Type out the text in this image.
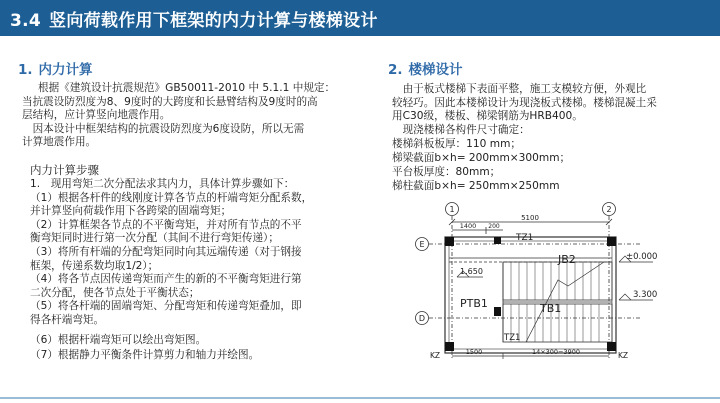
3.4 竖向荷载作用下框架的内力计算与楼梯设计
1. 内力计算
根据《建筑设计抗震规范》GB50011-2010 中 5.1.1 中规定：
当抗震设防烈度为8、9度时的大跨度和长悬臂结构及9度时的高
层结构，应计算竖向地震作用。
　因本设计中框架结构的抗震设防烈度为6度设防，所以无需
计算地震作用。
内力计算步骤
1.　现用弯矩二次分配法求其内力，具体计算步骤如下：
（1）根据各杆件的线刚度计算各节点的杆端弯矩分配系数，
并计算竖向荷载作用下各跨梁的固端弯矩；
（2）计算框架各节点的不平衡弯矩，并对所有节点的不平
衡弯矩同时进行第一次分配（其间不进行弯矩传递）；
（3）将所有杆端的分配弯矩同时向其远端传递（对于钢接
框架，传递系数均取1/2）；
（4）将各节点因传递弯矩而产生的新的不平衡弯矩进行第
二次分配，使各节点处于平衡状态；
（5）将各杆端的固端弯矩、分配弯矩和传递弯矩叠加，即
得各杆端弯矩。
（6）根据杆端弯矩可以绘出弯矩图。
（7）根据静力平衡条件计算剪力和轴力并绘图。
2. 楼梯设计
　由于板式楼梯下表面平整，施工支模较方便，外观比
较轻巧。因此本楼梯设计为现浇板式楼梯。楼梯混凝土采
用C30级，楼板、梯梁钢筋为HRB400。
　现浇楼梯各构件尺寸确定：
楼梯斜板板厚：110 mm；
梯梁截面b×h= 200mm×300mm；
平台板厚度：80mm；
梯柱截面b×h= 250mm×250mm
1	2
E
D
5100
1400 200
TZ1
JB2
PTB1	TB1
±0.000
1.650
3.300
TZ1
KZ	KZ
1500	14×300=3900
